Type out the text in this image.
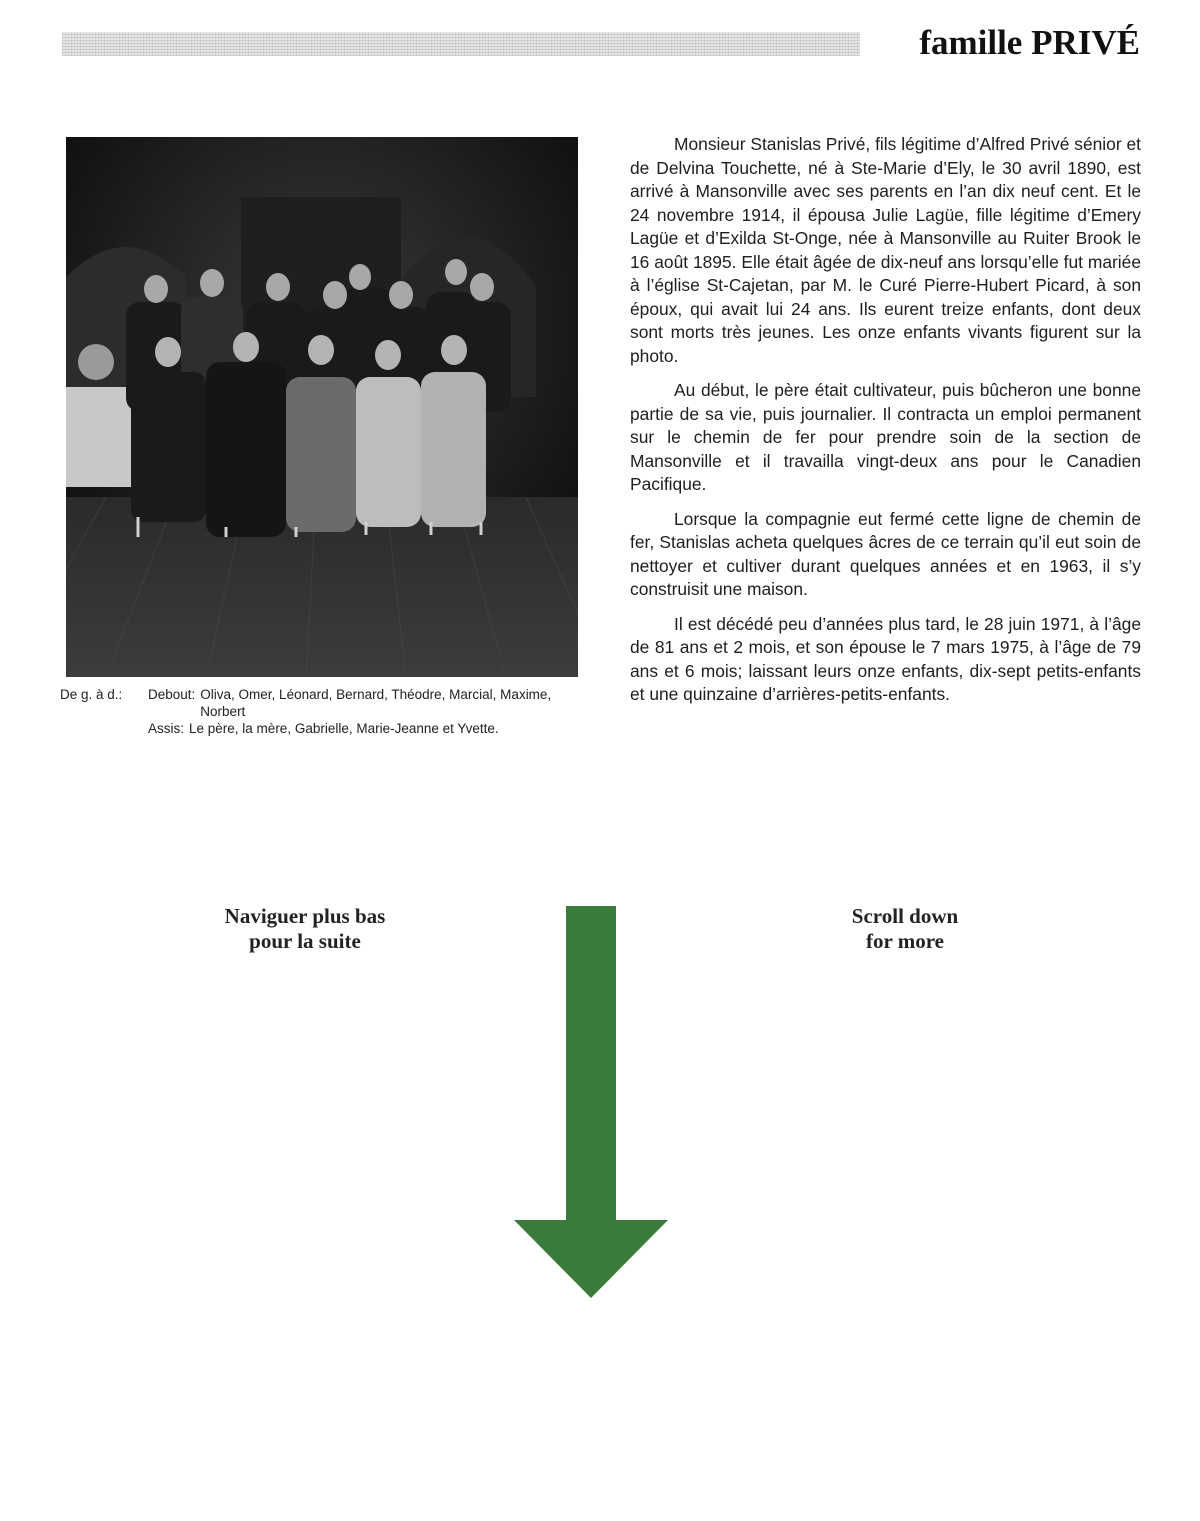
famille PRIVÉ
De g. à d.:	Debout: Oliva, Omer, Léonard, Bernard, Théodre, Marcial, Maxime, Norbert
Assis: Le père, la mère, Gabrielle, Marie-Jeanne et Yvette.

Monsieur Stanislas Privé, fils légitime d’Alfred Privé sénior et de Delvina Touchette, né à Ste-Marie d’Ely, le 30 avril 1890, est arrivé à Mansonville avec ses parents en l’an dix neuf cent. Et le 24 novembre 1914, il épousa Julie Lagüe, fille légitime d’Emery Lagüe et d’Exilda St-Onge, née à Mansonville au Ruiter Brook le 16 août 1895. Elle était âgée de dix-neuf ans lorsqu’elle fut mariée à l’église St-Cajetan, par M. le Curé Pierre-Hubert Picard, à son époux, qui avait lui 24 ans. Ils eurent treize enfants, dont deux sont morts très jeunes. Les onze enfants vivants figurent sur la photo.

Au début, le père était cultivateur, puis bûcheron une bonne partie de sa vie, puis journalier. Il contracta un emploi permanent sur le chemin de fer pour prendre soin de la section de Mansonville et il travailla vingt-deux ans pour le Canadien Pacifique.

Lorsque la compagnie eut fermé cette ligne de chemin de fer, Stanislas acheta quelques âcres de ce terrain qu’il eut soin de nettoyer et cultiver durant quelques années et en 1963, il s’y construisit une maison.

Il est décédé peu d’années plus tard, le 28 juin 1971, à l’âge de 81 ans et 2 mois, et son épouse le 7 mars 1975, à l’âge de 79 ans et 6 mois; laissant leurs onze enfants, dix-sept petits-enfants et une quinzaine d’arrières-petits-enfants.

Naviguer plus bas
pour la suite

Scroll down
for more
